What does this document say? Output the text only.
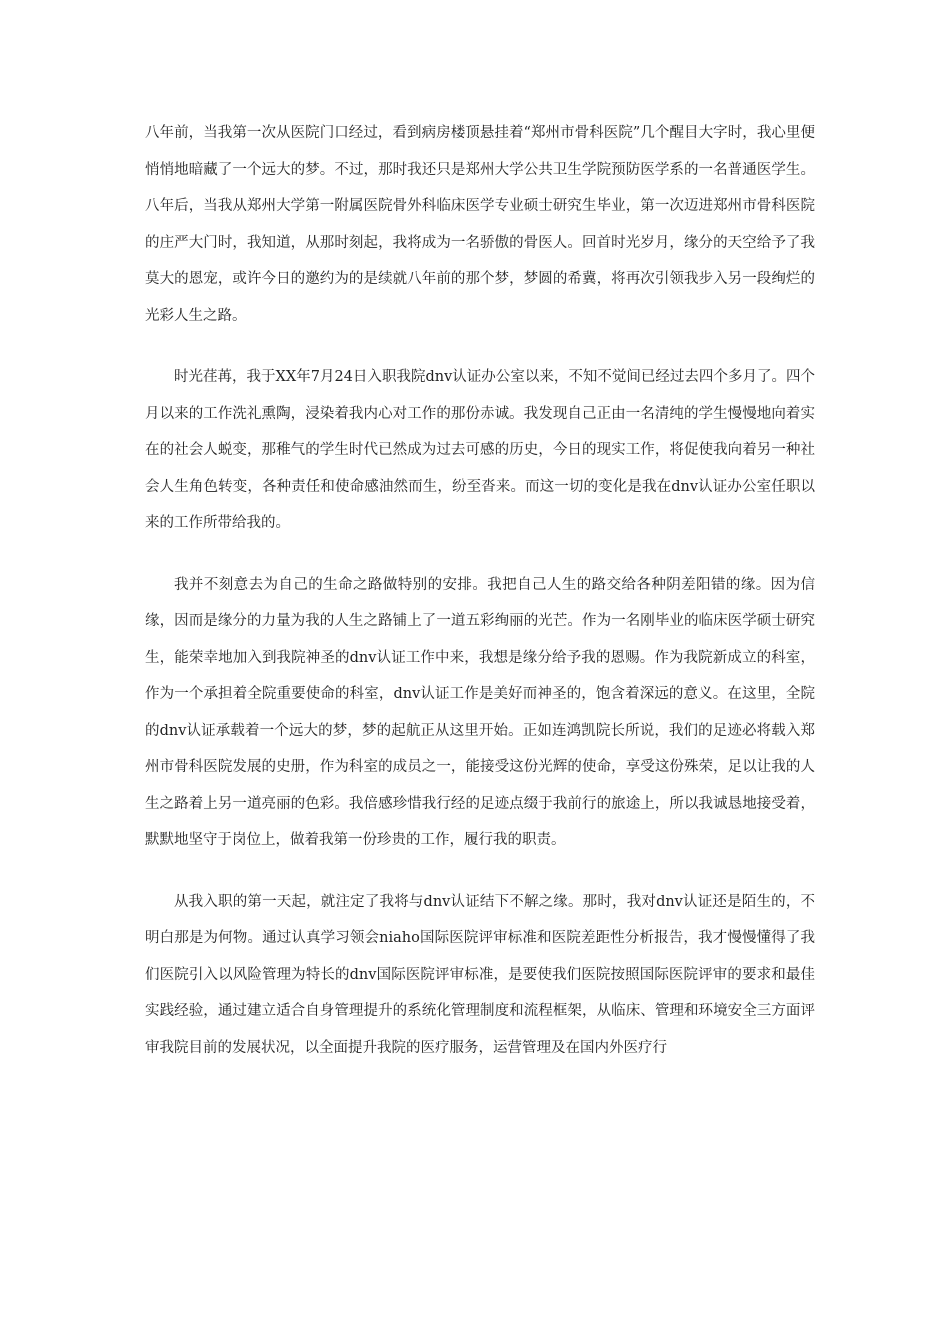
八年前，当我第一次从医院门口经过，看到病房楼顶悬挂着“郑州市骨科医院”几个醒目大字时，我心里便悄悄地暗藏了一个远大的梦。不过，那时我还只是郑州大学公共卫生学院预防医学系的一名普通医学生。八年后，当我从郑州大学第一附属医院骨外科临床医学专业硕士研究生毕业，第一次迈进郑州市骨科医院的庄严大门时，我知道，从那时刻起，我将成为一名骄傲的骨医人。回首时光岁月，缘分的天空给予了我莫大的恩宠，或许今日的邀约为的是续就八年前的那个梦，梦圆的希冀，将再次引领我步入另一段绚烂的光彩人生之路。

时光荏苒，我于XX年7月24日入职我院dnv认证办公室以来，不知不觉间已经过去四个多月了。四个月以来的工作洗礼熏陶，浸染着我内心对工作的那份赤诚。我发现自己正由一名清纯的学生慢慢地向着实在的社会人蜕变，那稚气的学生时代已然成为过去可感的历史，今日的现实工作，将促使我向着另一种社会人生角色转变，各种责任和使命感油然而生，纷至沓来。而这一切的变化是我在dnv认证办公室任职以来的工作所带给我的。

我并不刻意去为自己的生命之路做特别的安排。我把自己人生的路交给各种阴差阳错的缘。因为信缘，因而是缘分的力量为我的人生之路铺上了一道五彩绚丽的光芒。作为一名刚毕业的临床医学硕士研究生，能荣幸地加入到我院神圣的dnv认证工作中来，我想是缘分给予我的恩赐。作为我院新成立的科室，作为一个承担着全院重要使命的科室，dnv认证工作是美好而神圣的，饱含着深远的意义。在这里，全院的dnv认证承载着一个远大的梦，梦的起航正从这里开始。正如连鸿凯院长所说，我们的足迹必将载入郑州市骨科医院发展的史册，作为科室的成员之一，能接受这份光辉的使命，享受这份殊荣，足以让我的人生之路着上另一道亮丽的色彩。我倍感珍惜我行经的足迹点缀于我前行的旅途上，所以我诚恳地接受着，默默地坚守于岗位上，做着我第一份珍贵的工作，履行我的职责。

从我入职的第一天起，就注定了我将与dnv认证结下不解之缘。那时，我对dnv认证还是陌生的，不明白那是为何物。通过认真学习领会niaho国际医院评审标准和医院差距性分析报告，我才慢慢懂得了我们医院引入以风险管理为特长的dnv国际医院评审标准，是要使我们医院按照国际医院评审的要求和最佳实践经验，通过建立适合自身管理提升的系统化管理制度和流程框架，从临床、管理和环境安全三方面评审我院目前的发展状况，以全面提升我院的医疗服务，运营管理及在国内外医疗行
